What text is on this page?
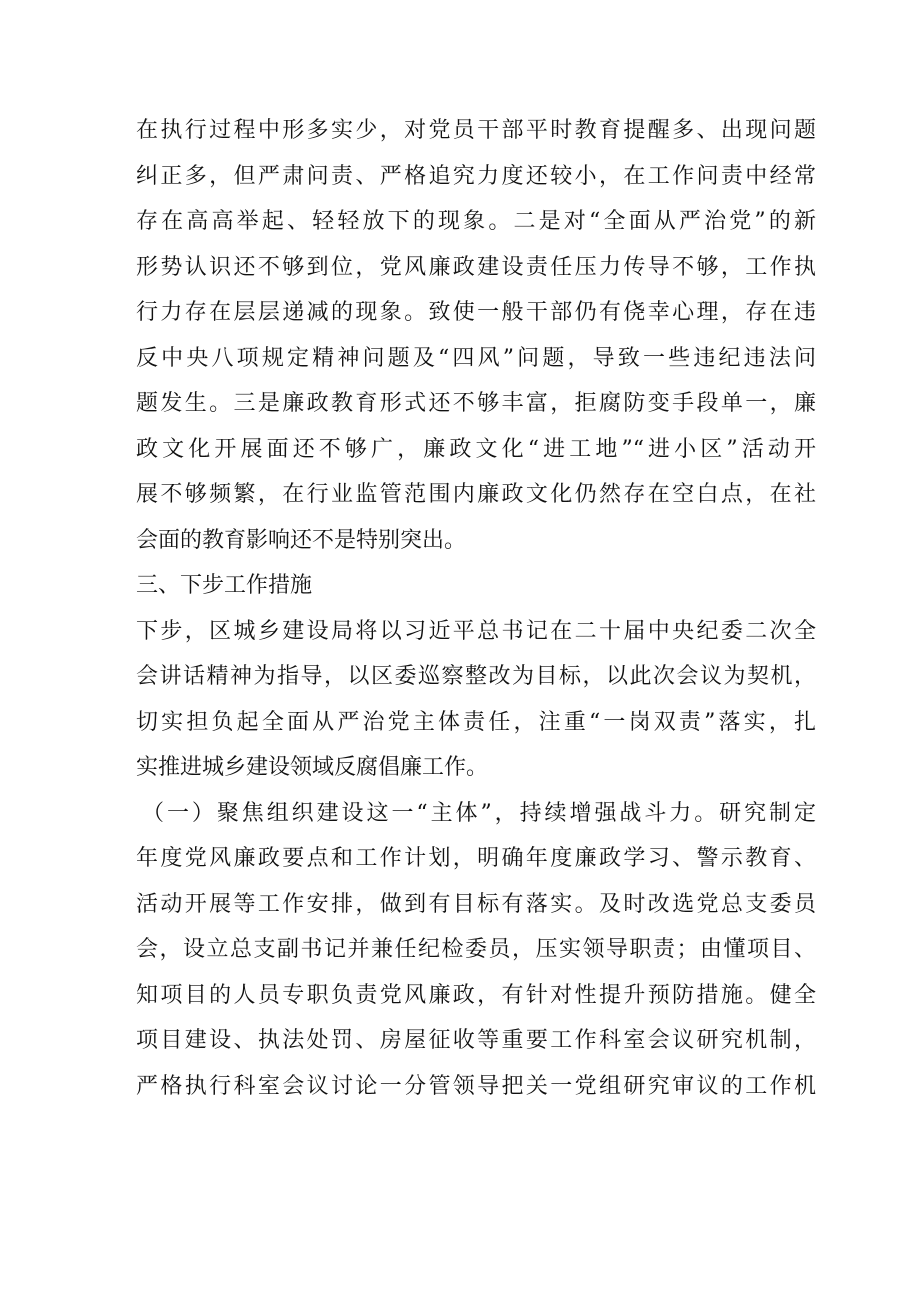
在执行过程中形多实少，对党员干部平时教育提醒多、出现问题
纠正多，但严肃问责、严格追究力度还较小，在工作问责中经常
存在高高举起、轻轻放下的现象。二是对“全面从严治党”的新
形势认识还不够到位，党风廉政建设责任压力传导不够，工作执
行力存在层层递减的现象。致使一般干部仍有侥幸心理，存在违
反中央八项规定精神问题及“四风”问题，导致一些违纪违法问
题发生。三是廉政教育形式还不够丰富，拒腐防变手段单一，廉
政文化开展面还不够广，廉政文化“进工地”“进小区”活动开
展不够频繁，在行业监管范围内廉政文化仍然存在空白点，在社
会面的教育影响还不是特别突出。
三、下步工作措施
下步，区城乡建设局将以习近平总书记在二十届中央纪委二次全
会讲话精神为指导，以区委巡察整改为目标，以此次会议为契机，
切实担负起全面从严治党主体责任，注重“一岗双责”落实，扎
实推进城乡建设领域反腐倡廉工作。
（一）聚焦组织建设这一“主体”，持续增强战斗力。研究制定
年度党风廉政要点和工作计划，明确年度廉政学习、警示教育、
活动开展等工作安排，做到有目标有落实。及时改选党总支委员
会，设立总支副书记并兼任纪检委员，压实领导职责；由懂项目、
知项目的人员专职负责党风廉政，有针对性提升预防措施。健全
项目建设、执法处罚、房屋征收等重要工作科室会议研究机制，
严格执行科室会议讨论一分管领导把关一党组研究审议的工作机
